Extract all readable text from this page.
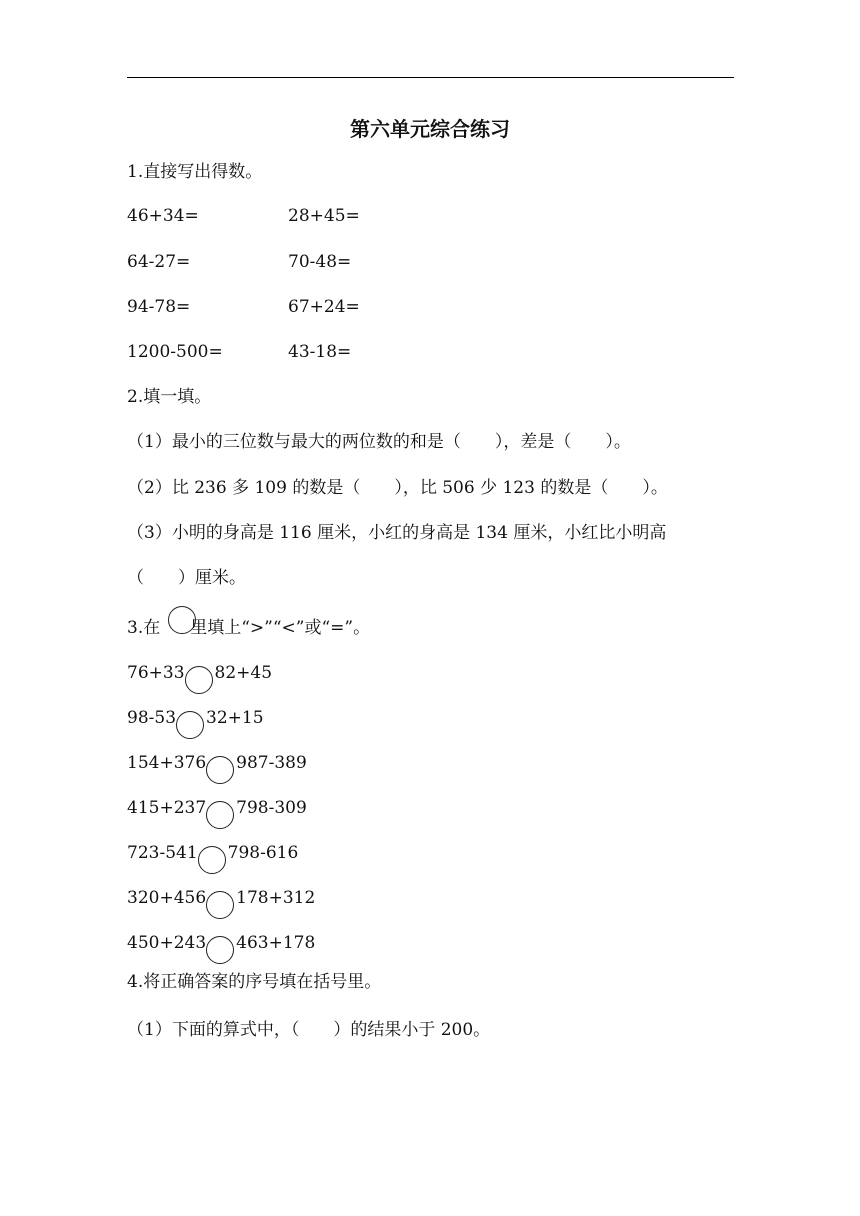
第六单元综合练习
1.直接写出得数。
46+34=	28+45=
64-27=	70-48=
94-78=	67+24=
1200-500=	43-18=
2.填一填。
（1）最小的三位数与最大的两位数的和是（　　），差是（　　）。
（2）比 236 多 109 的数是（　　），比 506 少 123 的数是（　　）。
（3）小明的身高是 116 厘米，小红的身高是 134 厘米，小红比小明高
（　　）厘米。
3.在 里填上“>”“<”或“=”。
76+33 82+45
98-53 32+15
154+376 987-389
415+237 798-309
723-541 798-616
320+456 178+312
450+243 463+178
4.将正确答案的序号填在括号里。
（1）下面的算式中，（　　）的结果小于 200。
